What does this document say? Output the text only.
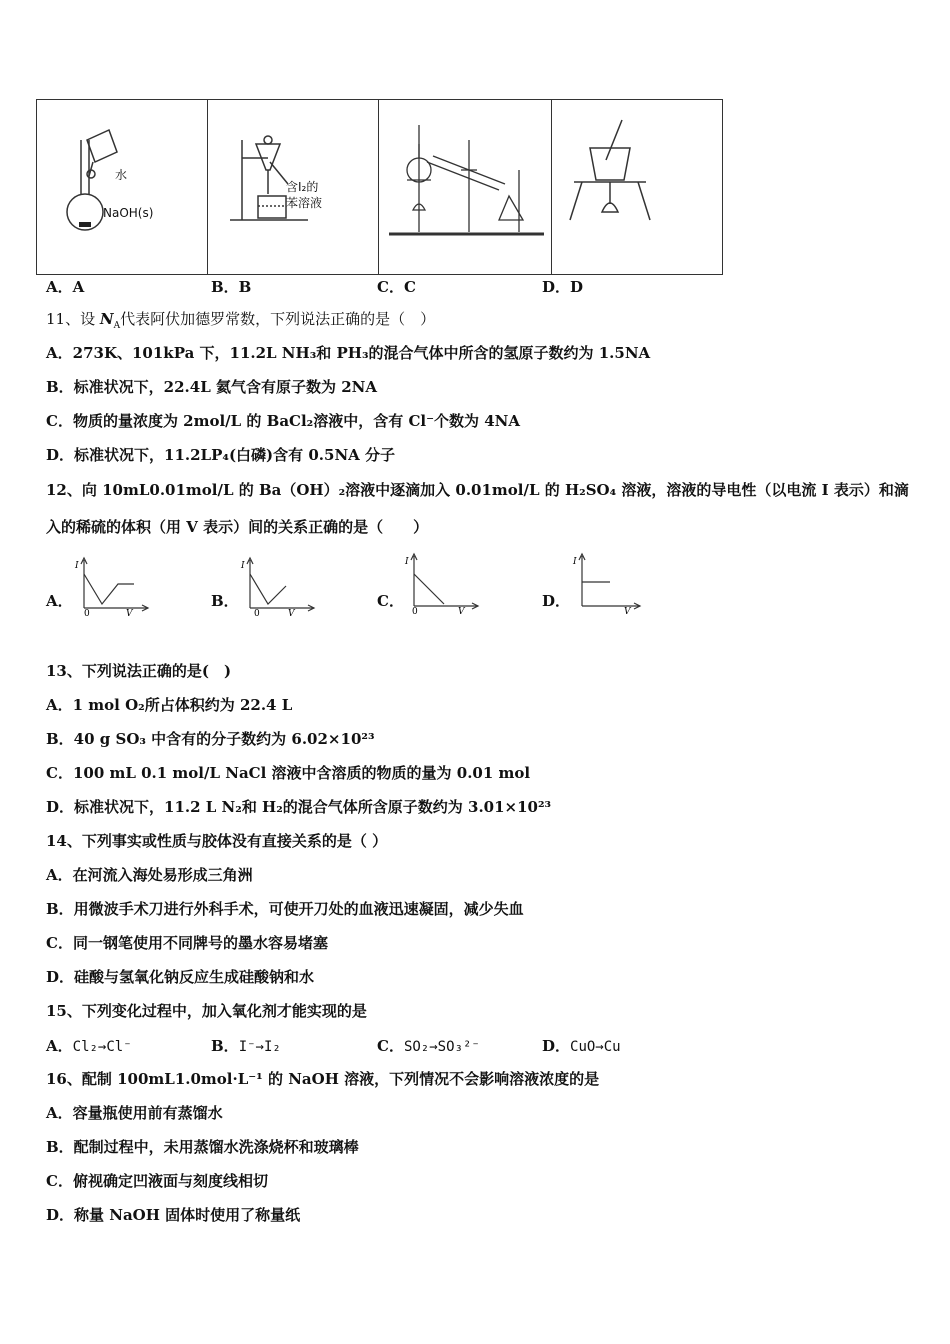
水
NaOH(s)

含I₂的
苯溶液

A．A	B．B	C．C	D．D
11、设 $N_A$代表阿伏加德罗常数，下列说法正确的是（　）
A．273K、101kPa 下，11.2L NH₃和 PH₃的混合气体中所含的氢原子数约为 1.5NA
B．标准状况下，22.4L 氦气含有原子数为 2NA
C．物质的量浓度为 2mol/L 的 BaCl₂溶液中，含有 Cl⁻个数为 4NA
D．标准状况下，11.2LP₄(白磷)含有 0.5NA 分子
12、向 10mL0.01mol/L 的 Ba（OH）₂溶液中逐滴加入 0.01mol/L 的 H₂SO₄ 溶液，溶液的导电性（以电流 I 表示）和滴
入的稀硫的体积（用 V 表示）间的关系正确的是（　　）
A．
I
V
0
B．
I
V
0
C．
I
V
0
D．
I
V
13、下列说法正确的是(　)
A．1 mol O₂所占体积约为 22.4 L
B．40 g SO₃ 中含有的分子数约为 6.02×10²³
C．100 mL 0.1 mol/L NaCl 溶液中含溶质的物质的量为 0.01 mol
D．标准状况下，11.2 L N₂和 H₂的混合气体所含原子数约为 3.01×10²³
14、下列事实或性质与胶体没有直接关系的是（ ）
A．在河流入海处易形成三角洲
B．用微波手术刀进行外科手术，可使开刀处的血液迅速凝固，减少失血
C．同一钢笔使用不同牌号的墨水容易堵塞
D．硅酸与氢氧化钠反应生成硅酸钠和水
15、下列变化过程中，加入氧化剂才能实现的是
A．Cl₂→Cl⁻	B．I⁻→I₂	C．SO₂→SO₃²⁻	D．CuO→Cu
16、配制 100mL1.0mol·L⁻¹ 的 NaOH 溶液，下列情况不会影响溶液浓度的是
A．容量瓶使用前有蒸馏水
B．配制过程中，未用蒸馏水洗涤烧杯和玻璃棒
C．俯视确定凹液面与刻度线相切
D．称量 NaOH 固体时使用了称量纸
